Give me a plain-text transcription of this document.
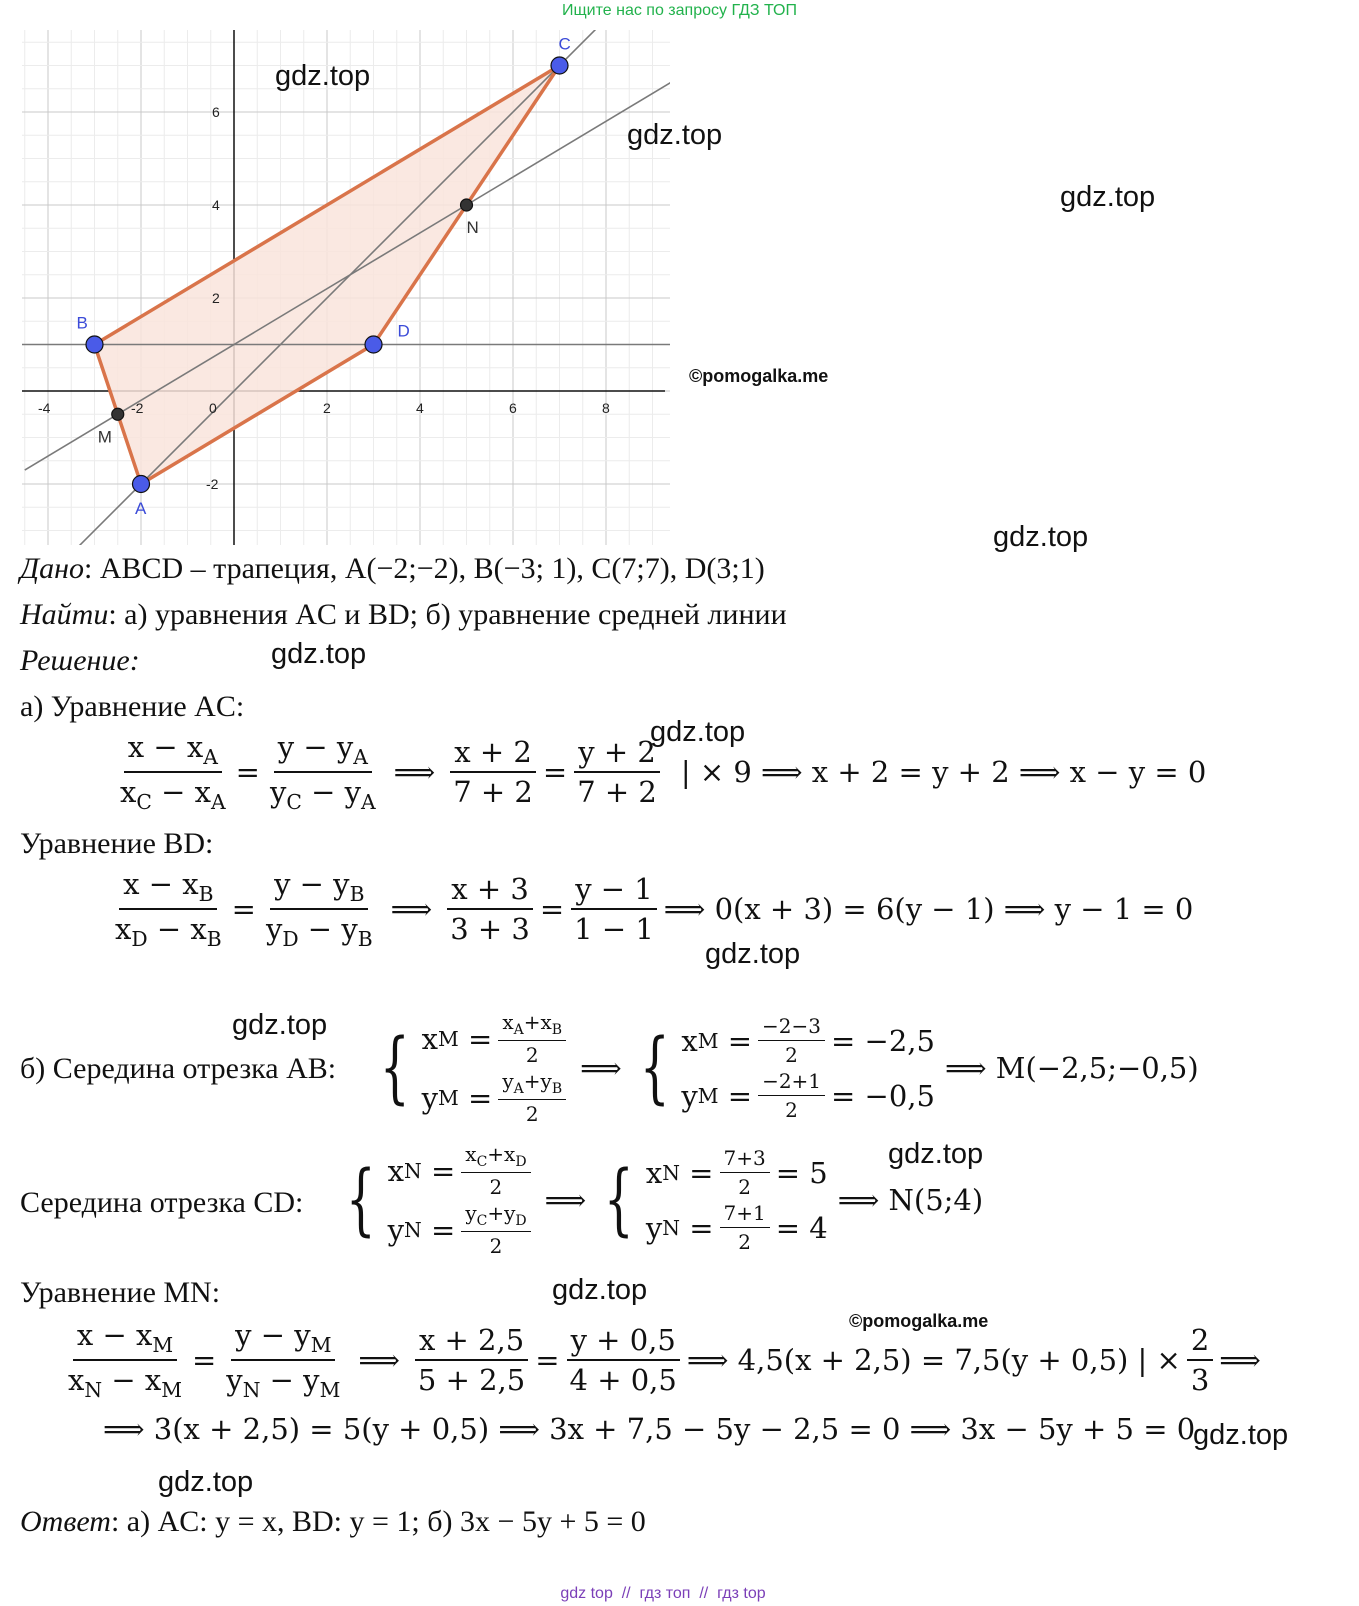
Ищите нас по запросу ГДЗ ТОП
-4	-2	0	2	4	6	8
6
4
2
-2
A
B
C
D
M
N
gdz.top
gdz.top
gdz.top
©pomogalka.me
gdz.top
gdz.top
gdz.top
gdz.top
gdz.top
gdz.top
gdz.top
©pomogalka.me
gdz.top
gdz.top
Дано: ABCD – трапеция, A(−2;−2), B(−3; 1), C(7;7), D(3;1)
Найти: а) уравнения AC и BD; б) уравнение средней линии
Решение:
а) Уравнение AC:
$\frac{x - x_A}{x_C - x_A} = \frac{y - y_A}{y_C - y_A}$ ⟹ $\frac{x + 2}{7 + 2} = \frac{y + 2}{7 + 2}$ | × 9 ⟹ x + 2 = y + 2 ⟹ x − y = 0
Уравнение BD:
$\frac{x - x_B}{x_D - x_B} = \frac{y - y_B}{y_D - y_B}$ ⟹ $\frac{x + 3}{3 + 3} = \frac{y - 1}{1 - 1}$ ⟹ 0(x + 3) = 6(y − 1) ⟹ y − 1 = 0
б) Середина отрезка AB: { x $M = \frac{x_A+x_B}{2}$
y $M = \frac{y_A+y_B}{2}$
⟹ { x $M = \frac{-2-3}{2} = -2,5$
y $M = \frac{-2+1}{2} = -0,5$
⟹ M(−2,5;−0,5)
Середина отрезка CD: { x $N = \frac{x_C+x_D}{2}$
y $N = \frac{y_C+y_D}{2}$
⟹ { x $N = \frac{7+3}{2} = 5$
y $N = \frac{7+1}{2} = 4$
⟹ N(5;4)
Уравнение MN:
$\frac{x - x_M}{x_N - x_M} = \frac{y - y_M}{y_N - y_M}$ ⟹ $\frac{x + 2,5}{5 + 2,5} = \frac{y + 0,5}{4 + 0,5}$ ⟹ 4,5(x + 2,5) = 7,5(y + 0,5) | × $\frac{2}{3}$ ⟹
⟹ 3(x + 2,5) = 5(y + 0,5) ⟹ 3x + 7,5 − 5y − 2,5 = 0 ⟹ 3x − 5y + 5 = 0
Ответ: а) AC: y = x, BD: y = 1; б) 3x − 5y + 5 = 0
gdz top // гдз топ // гдз top
